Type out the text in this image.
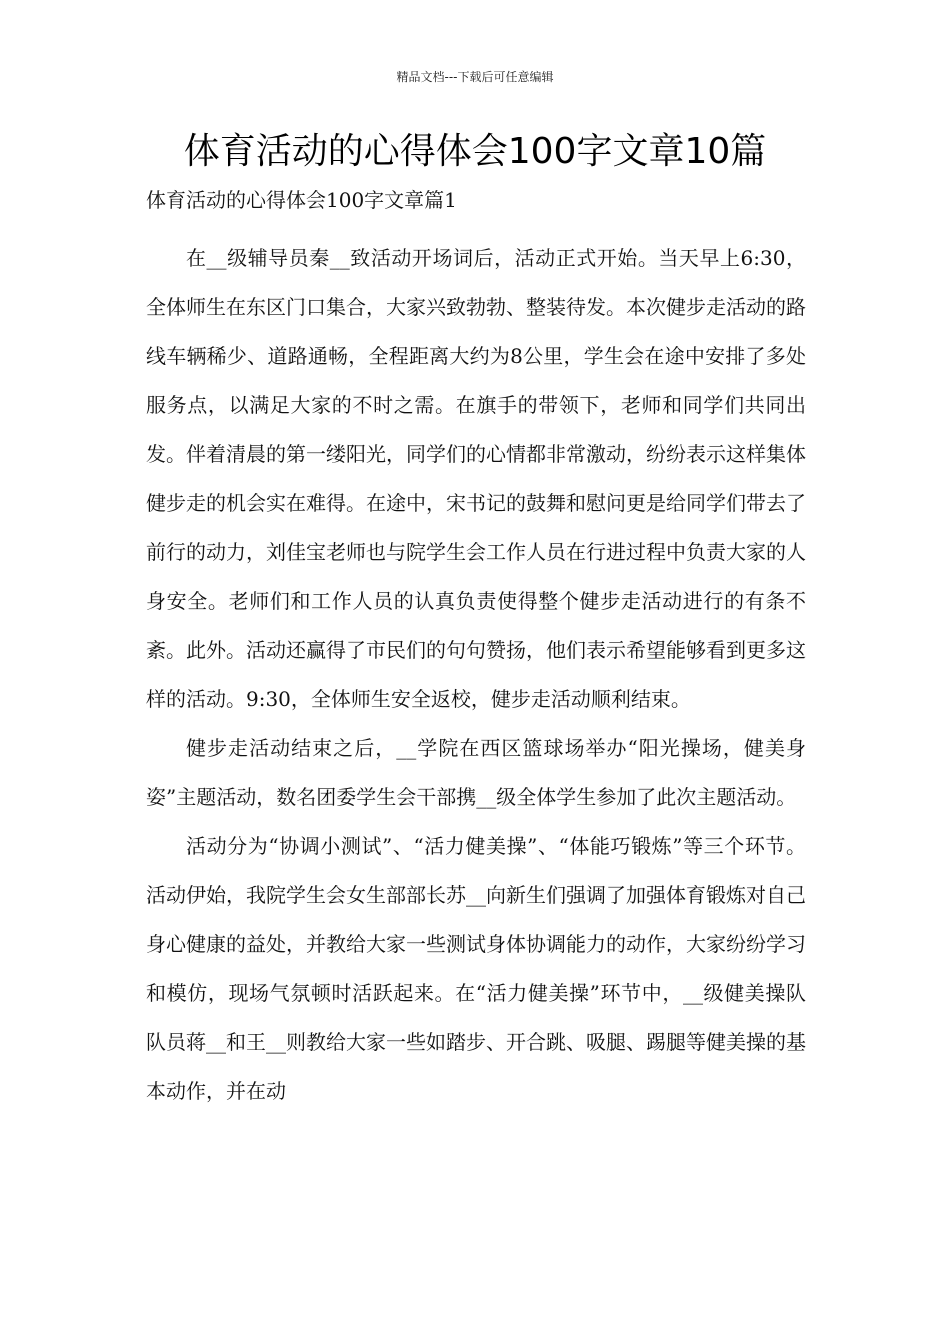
精品文档---下载后可任意编辑
体育活动的心得体会100字文章10篇
体育活动的心得体会100字文章篇1

在__级辅导员秦__致活动开场词后，活动正式开始。当天早上6:30，全体师生在东区门口集合，大家兴致勃勃、整装待发。本次健步走活动的路线车辆稀少、道路通畅，全程距离大约为8公里，学生会在途中安排了多处服务点，以满足大家的不时之需。在旗手的带领下，老师和同学们共同出发。伴着清晨的第一缕阳光，同学们的心情都非常激动，纷纷表示这样集体健步走的机会实在难得。在途中，宋书记的鼓舞和慰问更是给同学们带去了前行的动力，刘佳宝老师也与院学生会工作人员在行进过程中负责大家的人身安全。老师们和工作人员的认真负责使得整个健步走活动进行的有条不紊。此外。活动还赢得了市民们的句句赞扬，他们表示希望能够看到更多这样的活动。9:30，全体师生安全返校，健步走活动顺利结束。

健步走活动结束之后，__学院在西区篮球场举办“阳光操场，健美身姿”主题活动，数名团委学生会干部携__级全体学生参加了此次主题活动。

活动分为“协调小测试”、“活力健美操”、“体能巧锻炼”等三个环节。活动伊始，我院学生会女生部部长苏__向新生们强调了加强体育锻炼对自己身心健康的益处，并教给大家一些测试身体协调能力的动作，大家纷纷学习和模仿，现场气氛顿时活跃起来。在“活力健美操”环节中，__级健美操队队员蒋__和王__则教给大家一些如踏步、开合跳、吸腿、踢腿等健美操的基本动作，并在动
